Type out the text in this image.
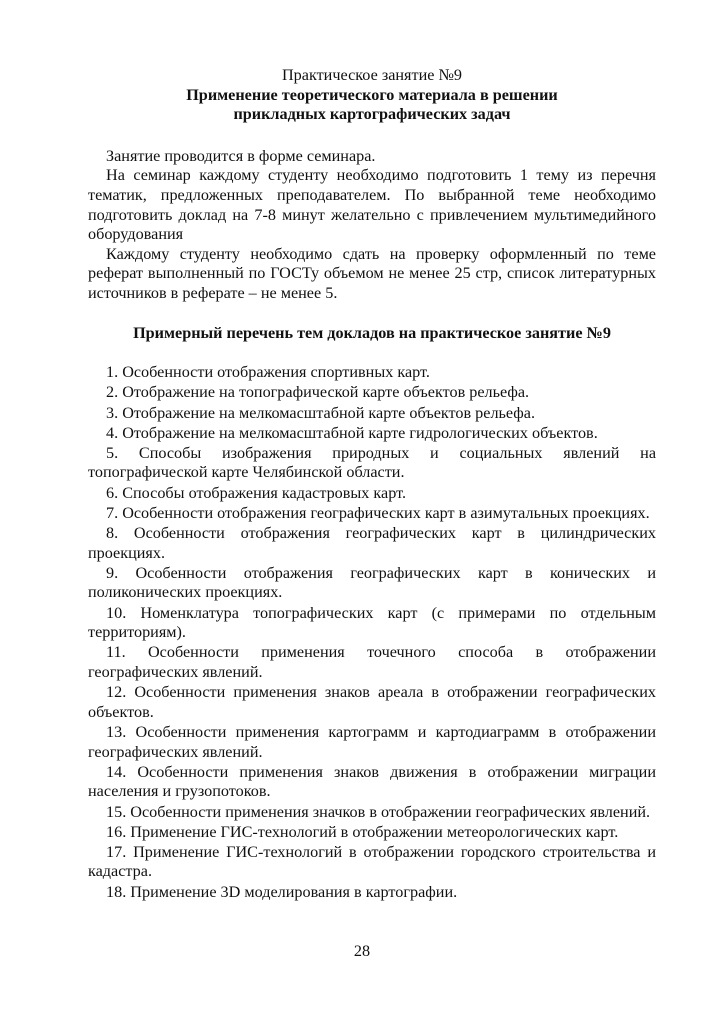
Практическое занятие №9
Применение теоретического материала в решении
прикладных картографических задач

Занятие проводится в форме семинара.

На семинар каждому студенту необходимо подготовить 1 тему из перечня тематик, предложенных преподавателем. По выбранной теме необходимо подготовить доклад на 7-8 минут желательно с привлечением мультимедийного оборудования

Каждому студенту необходимо сдать на проверку оформленный по теме реферат выполненный по ГОСТу объемом не менее 25 стр, список литературных источников в реферате – не менее 5.

Примерный перечень тем докладов на практическое занятие №9
1. Особенности отображения спортивных карт.
2. Отображение на топографической карте объектов рельефа.
3. Отображение на мелкомасштабной карте объектов рельефа.
4. Отображение на мелкомасштабной карте гидрологических объектов.
5. Способы изображения природных и социальных явлений на топографической карте Челябинской области.
6. Способы отображения кадастровых карт.
7. Особенности отображения географических карт в азимутальных проекциях.
8. Особенности отображения географических карт в цилиндрических проекциях.
9. Особенности отображения географических карт в конических и поликонических проекциях.
10. Номенклатура топографических карт (с примерами по отдельным территориям).
11. Особенности применения точечного способа в отображении географических явлений.
12. Особенности применения знаков ареала в отображении географических объектов.
13. Особенности применения картограмм и картодиаграмм в отображении географических явлений.
14. Особенности применения знаков движения в отображении миграции населения и грузопотоков.
15. Особенности применения значков в отображении географических явлений.
16. Применение ГИС-технологий в отображении метеорологических карт.
17. Применение ГИС-технологий в отображении городского строительства и кадастра.
18. Применение 3D моделирования в картографии.
28
